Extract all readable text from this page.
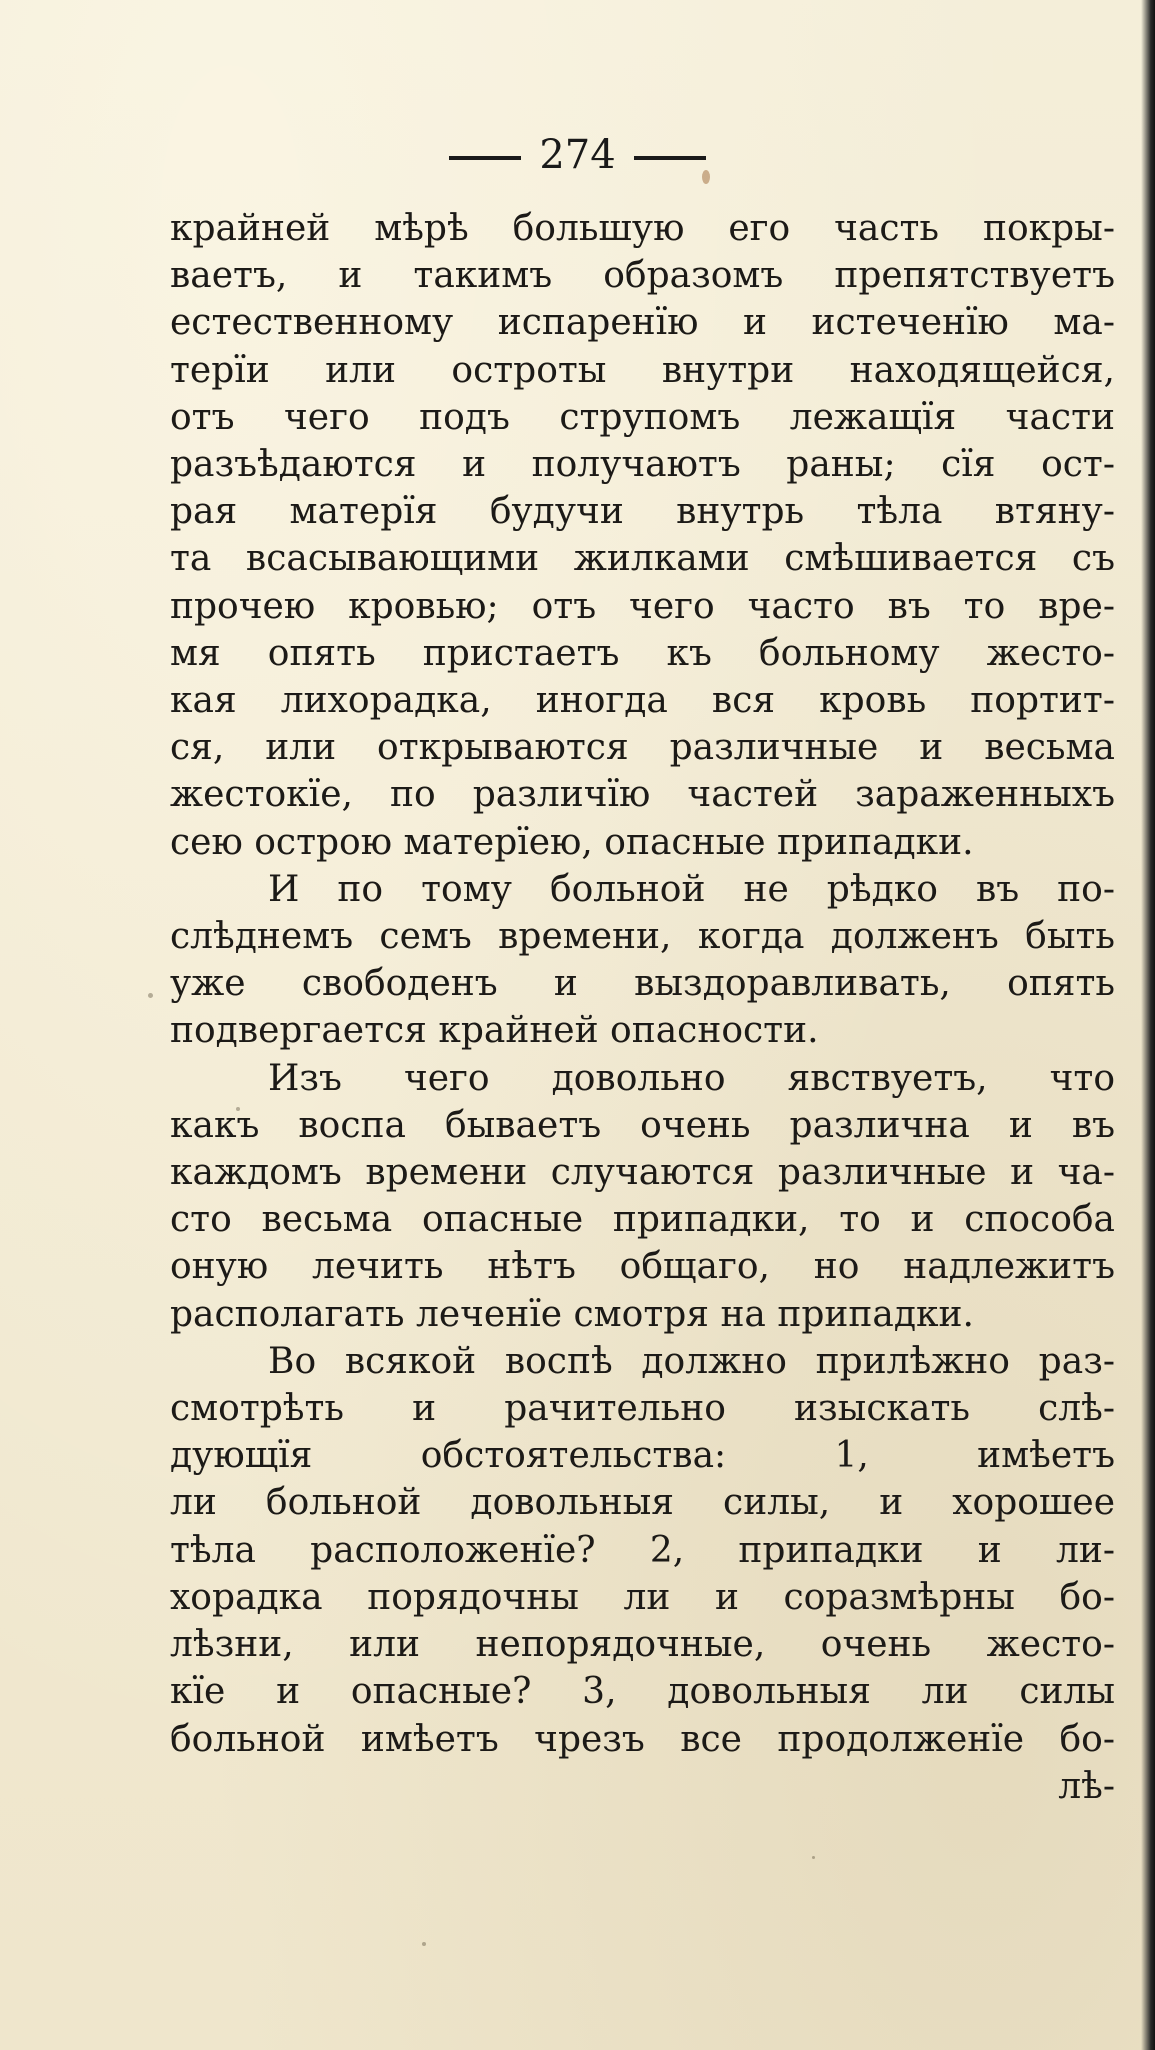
274
крайней мѣрѣ большую его часть покры-
ваетъ, и такимъ образомъ препятствуетъ
естественному испаренїю и истеченїю ма-
терїи или остроты внутри находящейся,
отъ чего подъ струпомъ лежащїя части
разъѣдаются и получаютъ раны; сїя ост-
рая матерїя будучи внутрь тѣла втяну-
та всасывающими жилками смѣшивается съ
прочею кровью; отъ чего часто въ то вре-
мя опять пристаетъ къ больному жесто-
кая лихорадка, иногда вся кровь портит-
ся, или открываются различные и весьма
жестокїе, по различїю частей зараженныхъ
сею острою матерїею, опасные припадки.
И по тому больной не рѣдко въ по-
слѣднемъ семъ времени, когда долженъ быть
уже свободенъ и выздоравливать, опять
подвергается крайней опасности.
Изъ чего довольно явствуетъ, что
какъ воспа бываетъ очень различна и въ
каждомъ времени случаются различные и ча-
сто весьма опасные припадки, то и способа
оную лечить нѣтъ общаго, но надлежитъ
располагать леченїе смотря на припадки.
Во всякой воспѣ должно прилѣжно раз-
смотрѣть и рачительно изыскать слѣ-
дующїя обстоятельства: 1, имѣетъ
ли больной довольныя силы, и хорошее
тѣла расположенїе? 2, припадки и ли-
хорадка порядочны ли и соразмѣрны бо-
лѣзни, или непорядочные, очень жесто-
кїе и опасные? 3, довольныя ли силы
больной имѣетъ чрезъ все продолженїе бо-
лѣ-
